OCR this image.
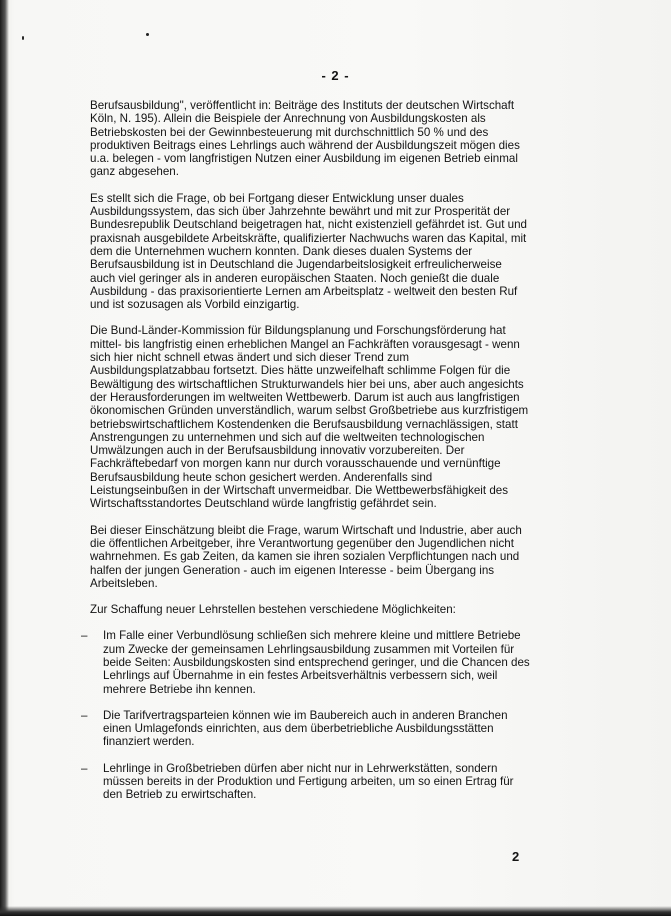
- 2 -

Berufsausbildung", veröffentlicht in: Beiträge des Instituts der deutschen Wirtschaft Köln, N. 195). Allein die Beispiele der Anrechnung von Ausbildungskosten als Betriebskosten bei der Gewinnbesteuerung mit durchschnittlich 50 % und des produktiven Beitrags eines Lehrlings auch während der Ausbildungszeit mögen dies u.a. belegen - vom langfristigen Nutzen einer Ausbildung im eigenen Betrieb einmal ganz abgesehen.

Es stellt sich die Frage, ob bei Fortgang dieser Entwicklung unser duales Ausbildungssystem, das sich über Jahrzehnte bewährt und mit zur Prosperität der Bundesrepublik Deutschland beigetragen hat, nicht existenziell gefährdet ist. Gut und praxisnah ausgebildete Arbeitskräfte, qualifizierter Nachwuchs waren das Kapital, mit dem die Unternehmen wuchern konnten. Dank dieses dualen Systems der Berufsausbildung ist in Deutschland die Jugendarbeitslosigkeit erfreulicherweise auch viel geringer als in anderen europäischen Staaten. Noch genießt die duale Ausbildung - das praxisorientierte Lernen am Arbeitsplatz - weltweit den besten Ruf und ist sozusagen als Vorbild einzigartig.

Die Bund-Länder-Kommission für Bildungsplanung und Forschungsförderung hat mittel- bis langfristig einen erheblichen Mangel an Fachkräften vorausgesagt - wenn sich hier nicht schnell etwas ändert und sich dieser Trend zum Ausbildungsplatzabbau fortsetzt. Dies hätte unzweifelhaft schlimme Folgen für die Bewältigung des wirtschaftlichen Strukturwandels hier bei uns, aber auch angesichts der Herausforderungen im weltweiten Wettbewerb. Darum ist auch aus langfristigen ökonomischen Gründen unverständlich, warum selbst Großbetriebe aus kurzfristigem betriebswirtschaftlichem Kostendenken die Berufsausbildung vernachlässigen, statt Anstrengungen zu unternehmen und sich auf die weltweiten technologischen Umwälzungen auch in der Berufsausbildung innovativ vorzubereiten. Der Fachkräftebedarf von morgen kann nur durch vorausschauende und vernünftige Berufsausbildung heute schon gesichert werden. Anderenfalls sind Leistungseinbußen in der Wirtschaft unvermeidbar. Die Wettbewerbsfähigkeit des Wirtschaftsstandortes Deutschland würde langfristig gefährdet sein.

Bei dieser Einschätzung bleibt die Frage, warum Wirtschaft und Industrie, aber auch die öffentlichen Arbeitgeber, ihre Verantwortung gegenüber den Jugendlichen nicht wahrnehmen. Es gab Zeiten, da kamen sie ihren sozialen Verpflichtungen nach und halfen der jungen Generation - auch im eigenen Interesse - beim Übergang ins Arbeitsleben.

Zur Schaffung neuer Lehrstellen bestehen verschiedene Möglichkeiten:

– Im Falle einer Verbundlösung schließen sich mehrere kleine und mittlere Betriebe zum Zwecke der gemeinsamen Lehrlingsausbildung zusammen mit Vorteilen für beide Seiten: Ausbildungskosten sind entsprechend geringer, und die Chancen des Lehrlings auf Übernahme in ein festes Arbeitsverhältnis verbessern sich, weil mehrere Betriebe ihn kennen.
– Die Tarifvertragsparteien können wie im Baubereich auch in anderen Branchen einen Umlagefonds einrichten, aus dem überbetriebliche Ausbildungsstätten finanziert werden.
– Lehrlinge in Großbetrieben dürfen aber nicht nur in Lehrwerkstätten, sondern müssen bereits in der Produktion und Fertigung arbeiten, um so einen Ertrag für den Betrieb zu erwirtschaften.
2
